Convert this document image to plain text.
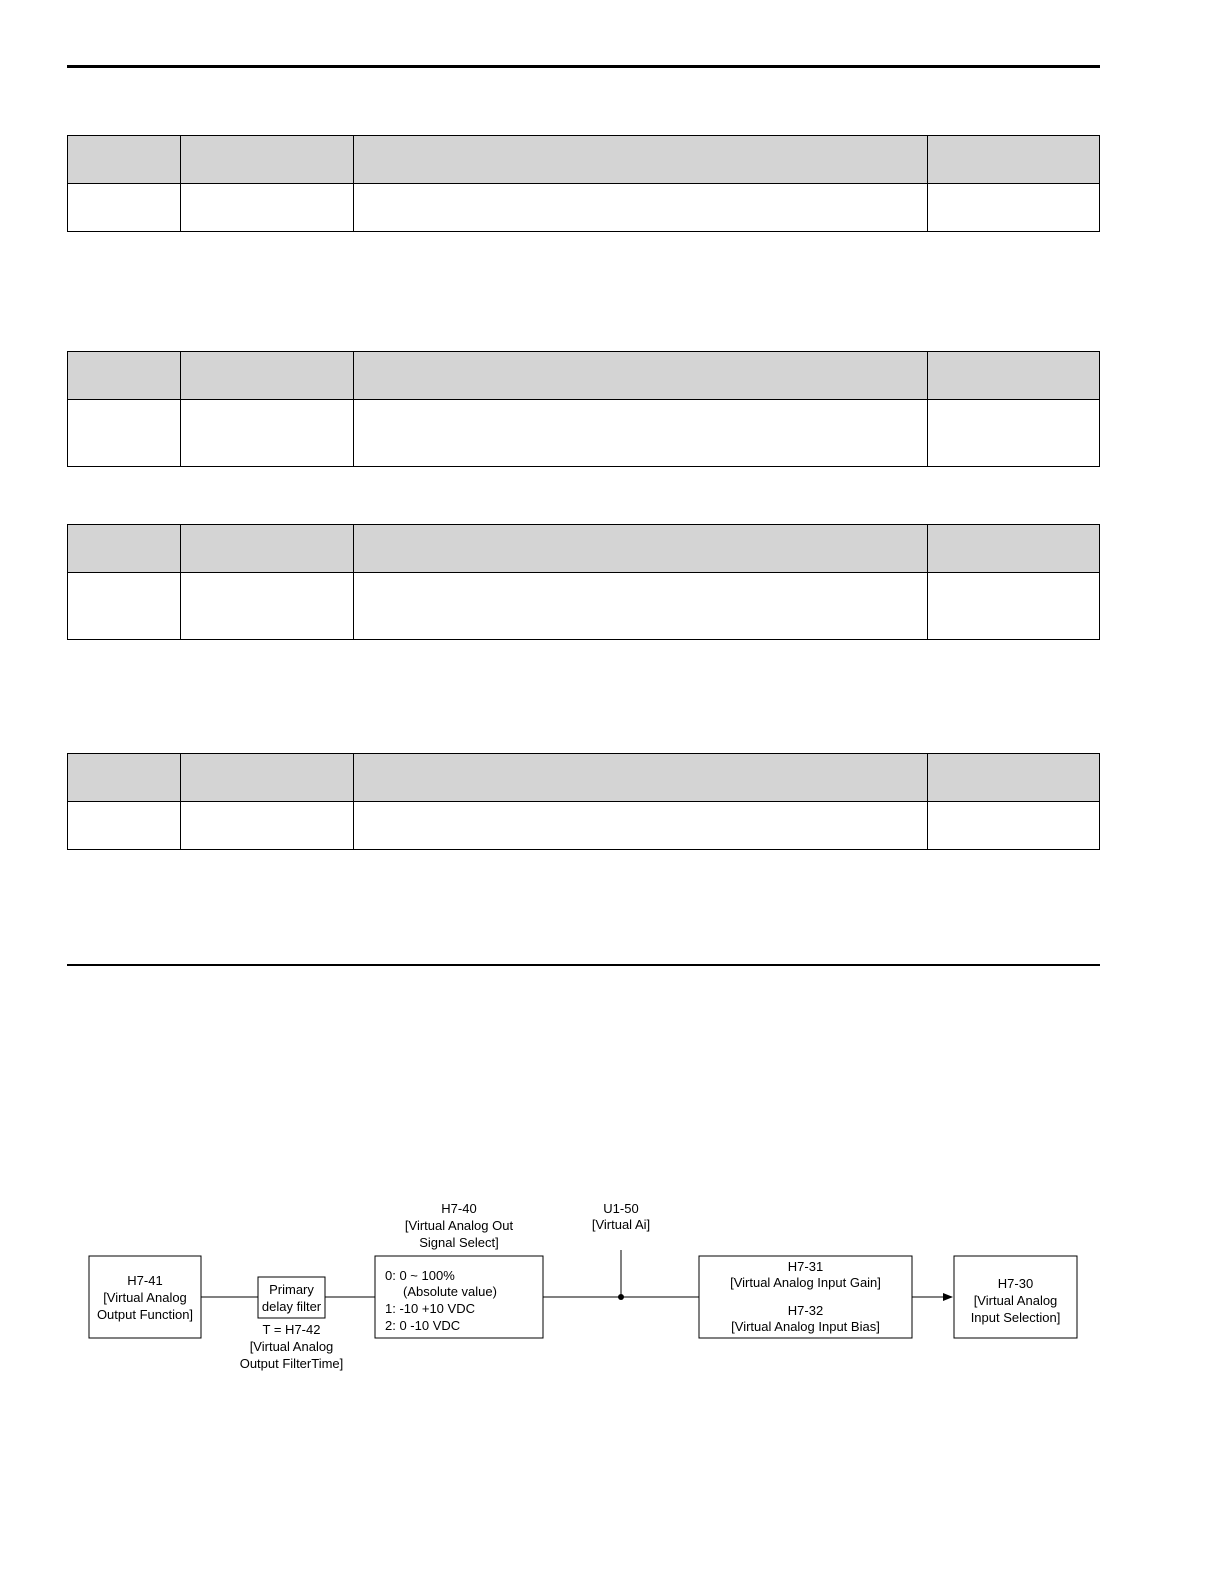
H7-41
[Virtual Analog
Output Function]
Primary
delay filter
T = H7-42
[Virtual Analog
Output FilterTime]
H7-40
[Virtual Analog Out
Signal Select]
0: 0 ~ 100%
(Absolute value)
1: -10 +10 VDC
2: 0 -10 VDC
U1-50
[Virtual Ai]
H7-31
[Virtual Analog Input Gain]
H7-32
[Virtual Analog Input Bias]
H7-30
[Virtual Analog
Input Selection]
